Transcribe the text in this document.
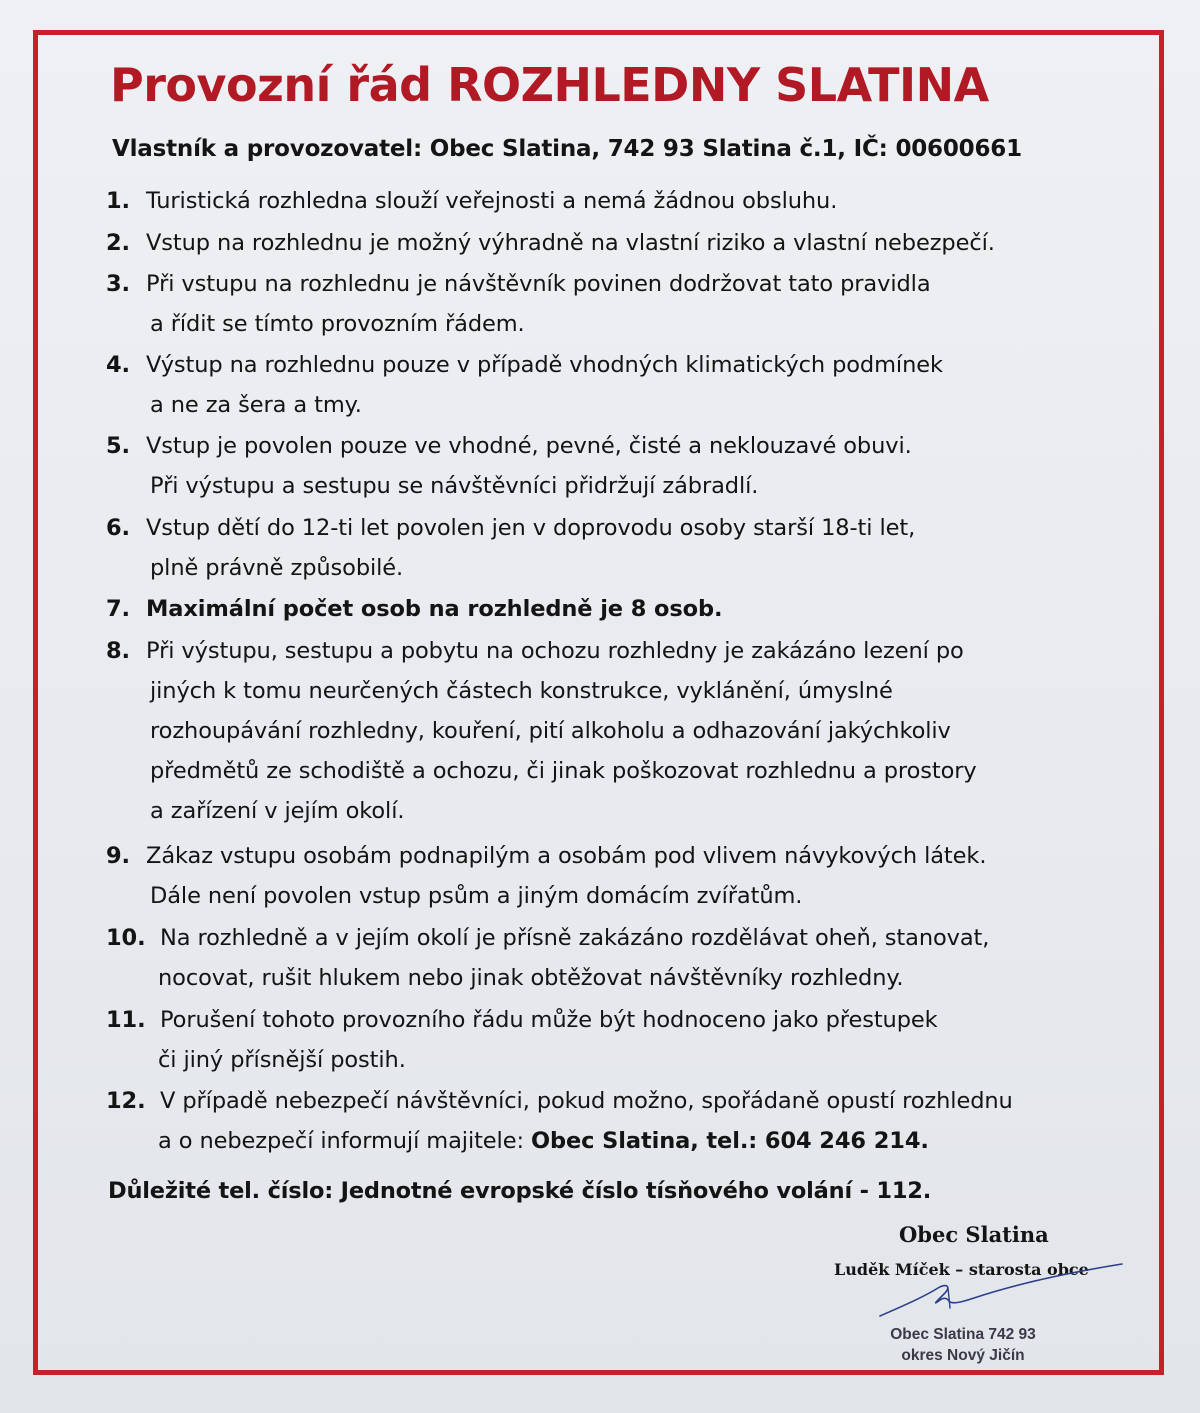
Provozní řád ROZHLEDNY SLATINA
Vlastník a provozovatel: Obec Slatina, 742 93 Slatina č.1, IČ: 00600661
1. Turistická rozhledna slouží veřejnosti a nemá žádnou obsluhu.
2. Vstup na rozhlednu je možný výhradně na vlastní riziko a vlastní nebezpečí.
3. Při vstupu na rozhlednu je návštěvník povinen dodržovat tato pravidla
a řídit se tímto provozním řádem.
4. Výstup na rozhlednu pouze v případě vhodných klimatických podmínek
a ne za šera a tmy.
5. Vstup je povolen pouze ve vhodné, pevné, čisté a neklouzavé obuvi.
Při výstupu a sestupu se návštěvníci přidržují zábradlí.
6. Vstup dětí do 12-ti let povolen jen v doprovodu osoby starší 18-ti let,
plně právně způsobilé.
7. Maximální počet osob na rozhledně je 8 osob.
8. Při výstupu, sestupu a pobytu na ochozu rozhledny je zakázáno lezení po
jiných k tomu neurčených částech konstrukce, vyklánění, úmyslné
rozhoupávání rozhledny, kouření, pití alkoholu a odhazování jakýchkoliv
předmětů ze schodiště a ochozu, či jinak poškozovat rozhlednu a prostory
a zařízení v jejím okolí.
9. Zákaz vstupu osobám podnapilým a osobám pod vlivem návykových látek.
Dále není povolen vstup psům a jiným domácím zvířatům.
10. Na rozhledně a v jejím okolí je přísně zakázáno rozdělávat oheň, stanovat,
nocovat, rušit hlukem nebo jinak obtěžovat návštěvníky rozhledny.
11. Porušení tohoto provozního řádu může být hodnoceno jako přestupek
či jiný přísnější postih.
12. V případě nebezpečí návštěvníci, pokud možno, spořádaně opustí rozhlednu
a o nebezpečí informují majitele: Obec Slatina, tel.: 604 246 214.
Důležité tel. číslo: Jednotné evropské číslo tísňového volání - 112.
Obec Slatina
Luděk Míček – starosta obce
Obec Slatina 742 93
okres Nový Jičín
